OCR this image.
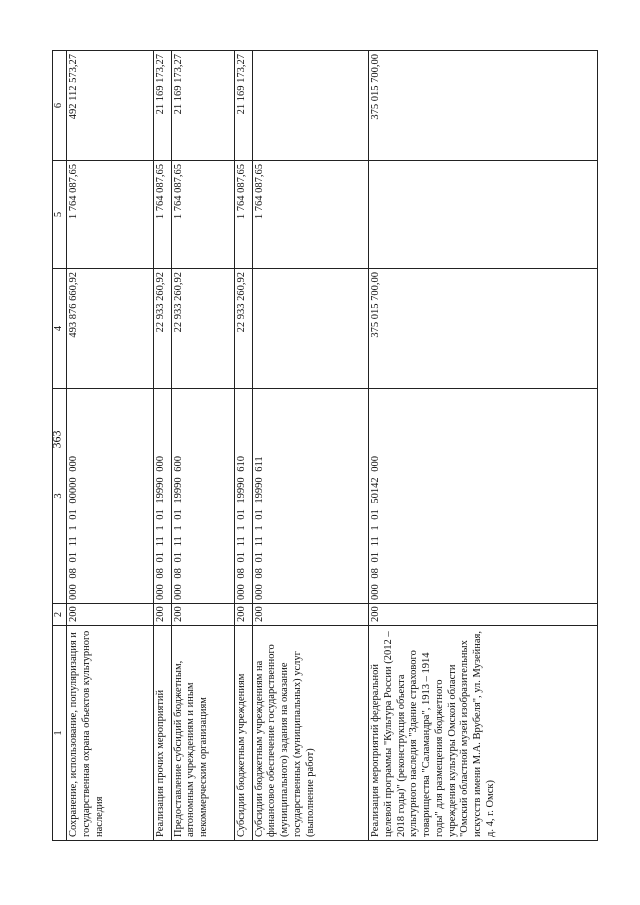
363
1	2	3	4	5	6
Сохранение, использование, популяризация и государственная охрана объектов культурного наследия	200	000 08 01 11 1 01 00000 000	493 876 660,92	1 764 087,65	492 112 573,27
Реализация прочих мероприятий	200	000 08 01 11 1 01 19990 000	22 933 260,92	1 764 087,65	21 169 173,27
Предоставление субсидий бюджетным, автономным учреждениям и иным некоммерческим организациям	200	000 08 01 11 1 01 19990 600	22 933 260,92	1 764 087,65	21 169 173,27
Субсидии бюджетным учреждениям	200	000 08 01 11 1 01 19990 610	22 933 260,92	1 764 087,65	21 169 173,27
Субсидии бюджетным учреждениям на финансовое обеспечение государственного (муниципального) задания на оказание государственных (муниципальных) услуг (выполнение работ)	200	000 08 01 11 1 01 19990 611		1 764 087,65	
Реализация мероприятий федеральной целевой программы "Культура России (2012 – 2018 годы)" (реконструкция объекта культурного наследия "Здание страхового товарищества "Саламандра", 1913 – 1914 годы" для размещения бюджетного учреждения культуры Омской области "Омский областной музей изобразительных искусств имени М.А. Врубеля", ул. Музейная, д. 4, г. Омск)	200	000 08 01 11 1 01 50142 000	375 015 700,00		375 015 700,00
